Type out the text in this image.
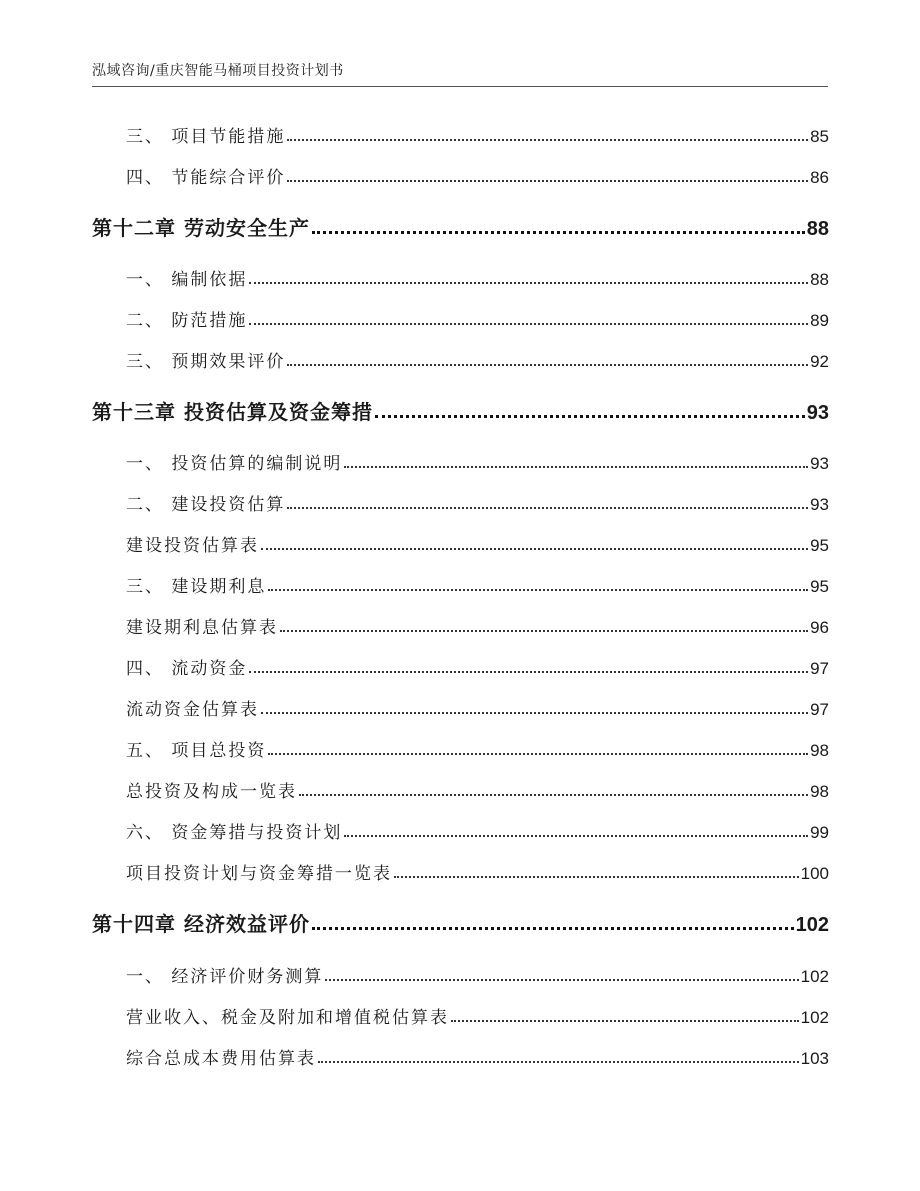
泓域咨询/重庆智能马桶项目投资计划书
三、 项目节能措施	85
四、 节能综合评价	86
第十二章 劳动安全生产	88
一、 编制依据	88
二、 防范措施	89
三、 预期效果评价	92
第十三章 投资估算及资金筹措	93
一、 投资估算的编制说明	93
二、 建设投资估算	93
建设投资估算表	95
三、 建设期利息	95
建设期利息估算表	96
四、 流动资金	97
流动资金估算表	97
五、 项目总投资	98
总投资及构成一览表	98
六、 资金筹措与投资计划	99
项目投资计划与资金筹措一览表	100
第十四章 经济效益评价	102
一、 经济评价财务测算	102
营业收入、税金及附加和增值税估算表	102
综合总成本费用估算表	103
